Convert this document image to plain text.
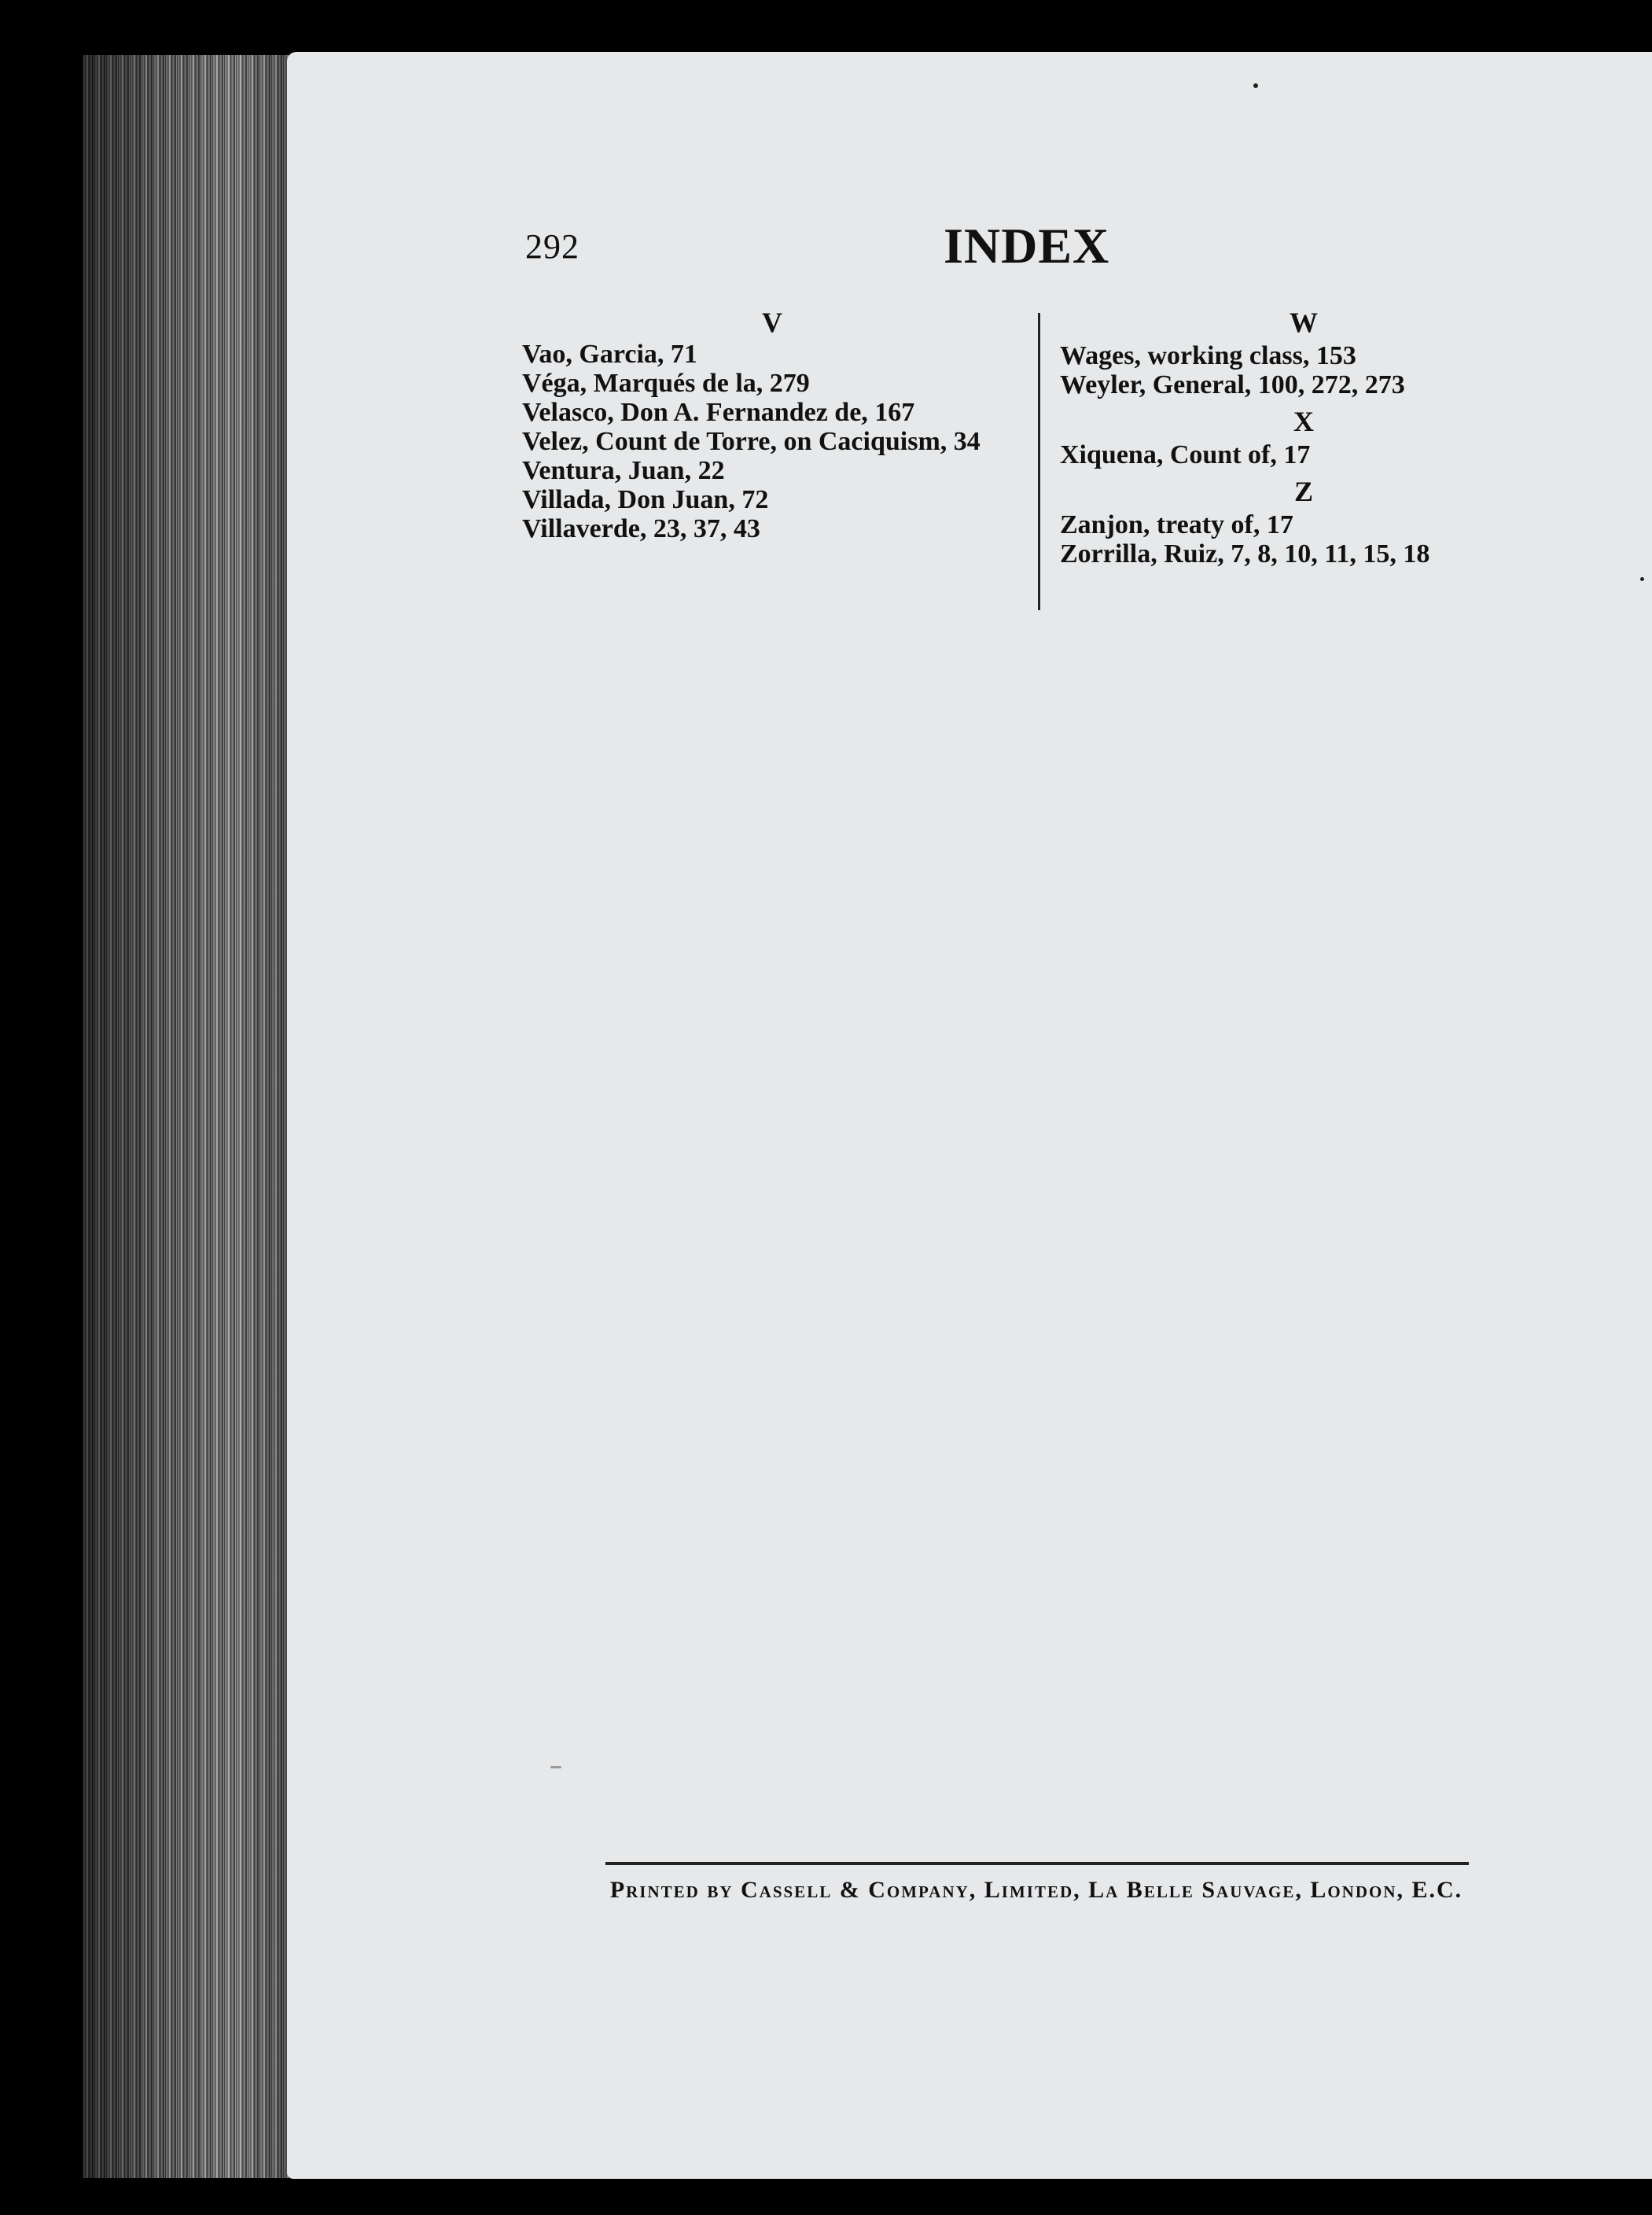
292	INDEX

V

Vao, Garcia, 71

Véga, Marqués de la, 279

Velasco, Don A. Fernandez de, 167

Velez, Count de Torre, on Caciquism, 34

Ventura, Juan, 22

Villada, Don Juan, 72

Villaverde, 23, 37, 43

W

Wages, working class, 153

Weyler, General, 100, 272, 273

X

Xiquena, Count of, 17

Z

Zanjon, treaty of, 17

Zorrilla, Ruiz, 7, 8, 10, 11, 15, 18

Printed by Cassell & Company, Limited, La Belle Sauvage, London, E.C.
